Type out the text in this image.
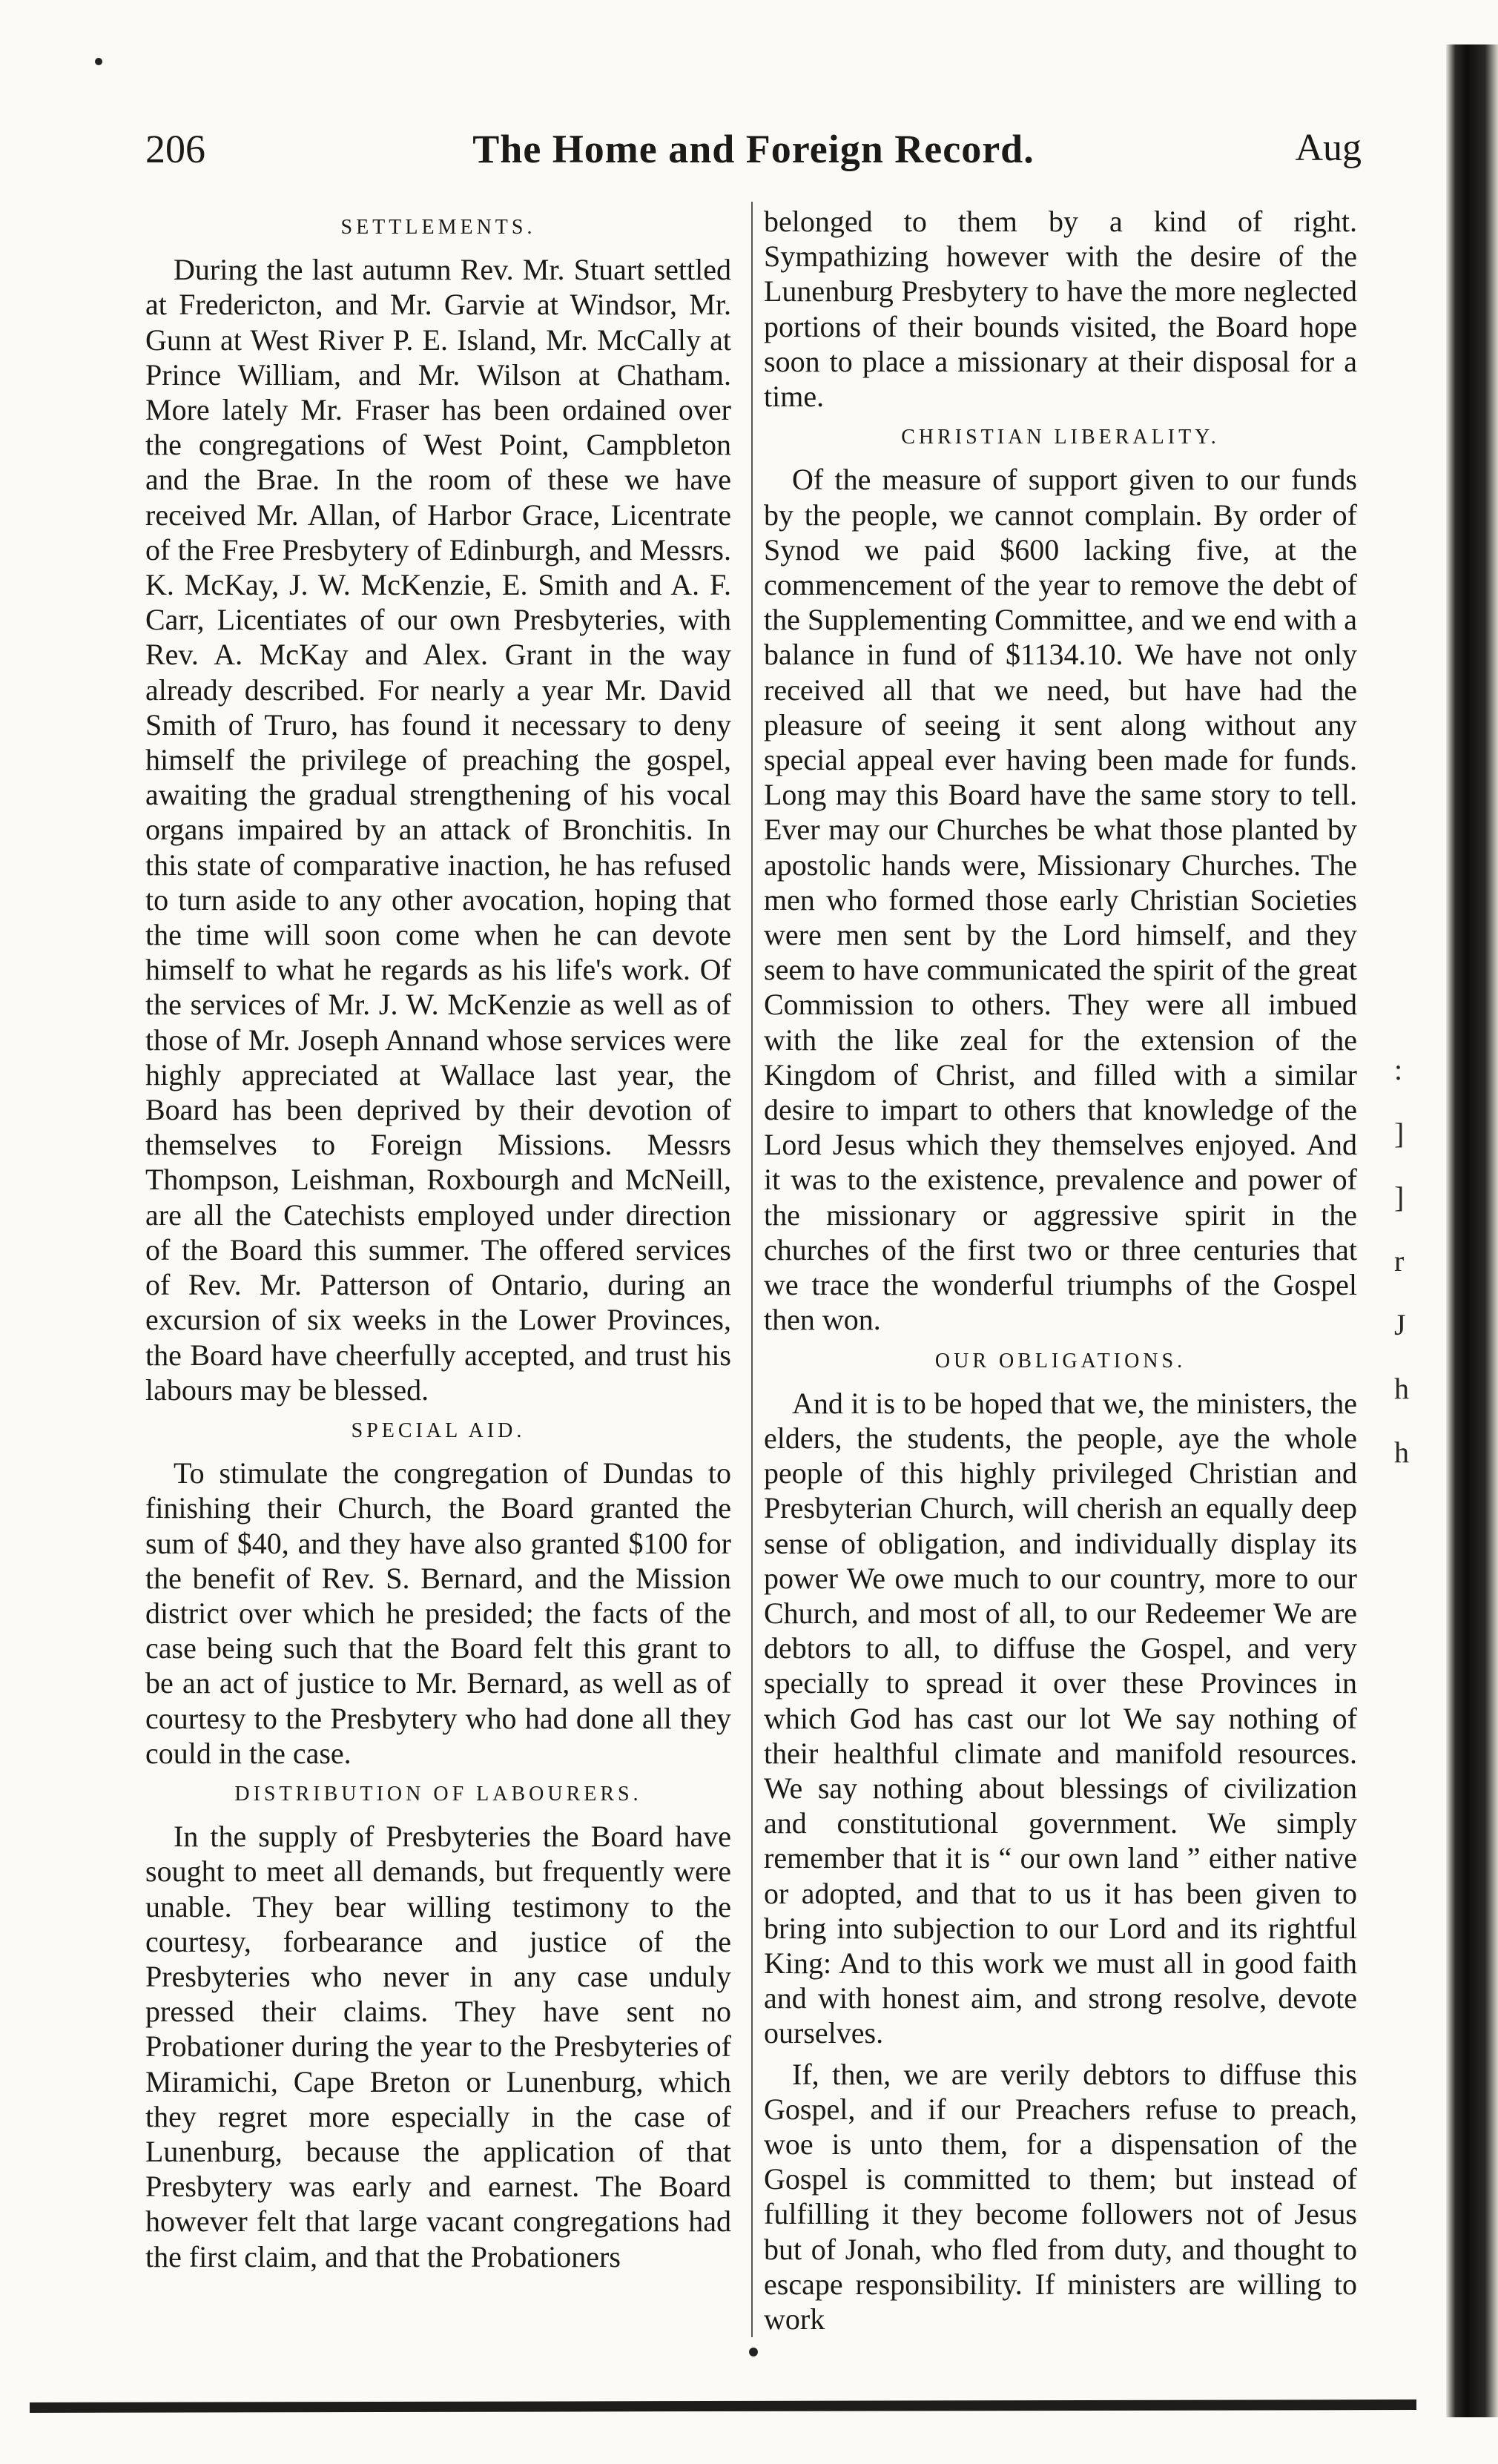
206	The Home and Foreign Record.	Aug
SETTLEMENTS.

During the last autumn Rev. Mr. Stuart settled at Fredericton, and Mr. Garvie at Windsor, Mr. Gunn at West River P. E. Island, Mr. McCally at Prince William, and Mr. Wilson at Chatham. More lately Mr. Fraser has been ordained over the congregations of West Point, Campbleton and the Brae. In the room of these we have received Mr. Allan, of Harbor Grace, Licentrate of the Free Presbytery of Edinburgh, and Messrs. K. McKay, J. W. McKenzie, E. Smith and A. F. Carr, Licentiates of our own Presbyteries, with Rev. A. McKay and Alex. Grant in the way already described. For nearly a year Mr. David Smith of Truro, has found it necessary to deny himself the privilege of preaching the gospel, awaiting the gradual strengthening of his vocal organs impaired by an attack of Bronchitis. In this state of comparative inaction, he has refused to turn aside to any other avocation, hoping that the time will soon come when he can devote himself to what he regards as his life's work. Of the services of Mr. J. W. McKenzie as well as of those of Mr. Joseph Annand whose services were highly appreciated at Wallace last year, the Board has been deprived by their devotion of themselves to Foreign Missions. Messrs Thompson, Leishman, Roxbourgh and McNeill, are all the Catechists employed under direction of the Board this summer. The offered services of Rev. Mr. Patterson of Ontario, during an excursion of six weeks in the Lower Provinces, the Board have cheerfully accepted, and trust his labours may be blessed.

SPECIAL AID.

To stimulate the congregation of Dundas to finishing their Church, the Board granted the sum of $40, and they have also granted $100 for the benefit of Rev. S. Bernard, and the Mission district over which he presided; the facts of the case being such that the Board felt this grant to be an act of justice to Mr. Bernard, as well as of courtesy to the Presbytery who had done all they could in the case.

DISTRIBUTION OF LABOURERS.

In the supply of Presbyteries the Board have sought to meet all demands, but frequently were unable. They bear willing testimony to the courtesy, forbearance and justice of the Presbyteries who never in any case unduly pressed their claims. They have sent no Probationer during the year to the Presbyteries of Miramichi, Cape Breton or Lunenburg, which they regret more especially in the case of Lunenburg, because the application of that Presbytery was early and earnest. The Board however felt that large vacant congregations had the first claim, and that the Probationers

belonged to them by a kind of right. Sympathizing however with the desire of the Lunenburg Presbytery to have the more neglected portions of their bounds visited, the Board hope soon to place a missionary at their disposal for a time.

CHRISTIAN LIBERALITY.

Of the measure of support given to our funds by the people, we cannot complain. By order of Synod we paid $600 lacking five, at the commencement of the year to remove the debt of the Supplementing Committee, and we end with a balance in fund of $1134.10. We have not only received all that we need, but have had the pleasure of seeing it sent along without any special appeal ever having been made for funds. Long may this Board have the same story to tell. Ever may our Churches be what those planted by apostolic hands were, Missionary Churches. The men who formed those early Christian Societies were men sent by the Lord himself, and they seem to have communicated the spirit of the great Commission to others. They were all imbued with the like zeal for the extension of the Kingdom of Christ, and filled with a similar desire to impart to others that knowledge of the Lord Jesus which they themselves enjoyed. And it was to the existence, prevalence and power of the missionary or aggressive spirit in the churches of the first two or three centuries that we trace the wonderful triumphs of the Gospel then won.

OUR OBLIGATIONS.

And it is to be hoped that we, the ministers, the elders, the students, the people, aye the whole people of this highly privileged Christian and Presbyterian Church, will cherish an equally deep sense of obligation, and individually display its power We owe much to our country, more to our Church, and most of all, to our Redeemer We are debtors to all, to diffuse the Gospel, and very specially to spread it over these Provinces in which God has cast our lot We say nothing of their healthful climate and manifold resources. We say nothing about blessings of civilization and constitutional government. We simply remember that it is “ our own land ” either native or adopted, and that to us it has been given to bring into subjection to our Lord and its rightful King: And to this work we must all in good faith and with honest aim, and strong resolve, devote ourselves.

If, then, we are verily debtors to diffuse this Gospel, and if our Preachers refuse to preach, woe is unto them, for a dispensation of the Gospel is committed to them; but instead of fulfilling it they become followers not of Jesus but of Jonah, who fled from duty, and thought to escape responsibility. If ministers are willing to work

:
]
]
r
J
h
h
